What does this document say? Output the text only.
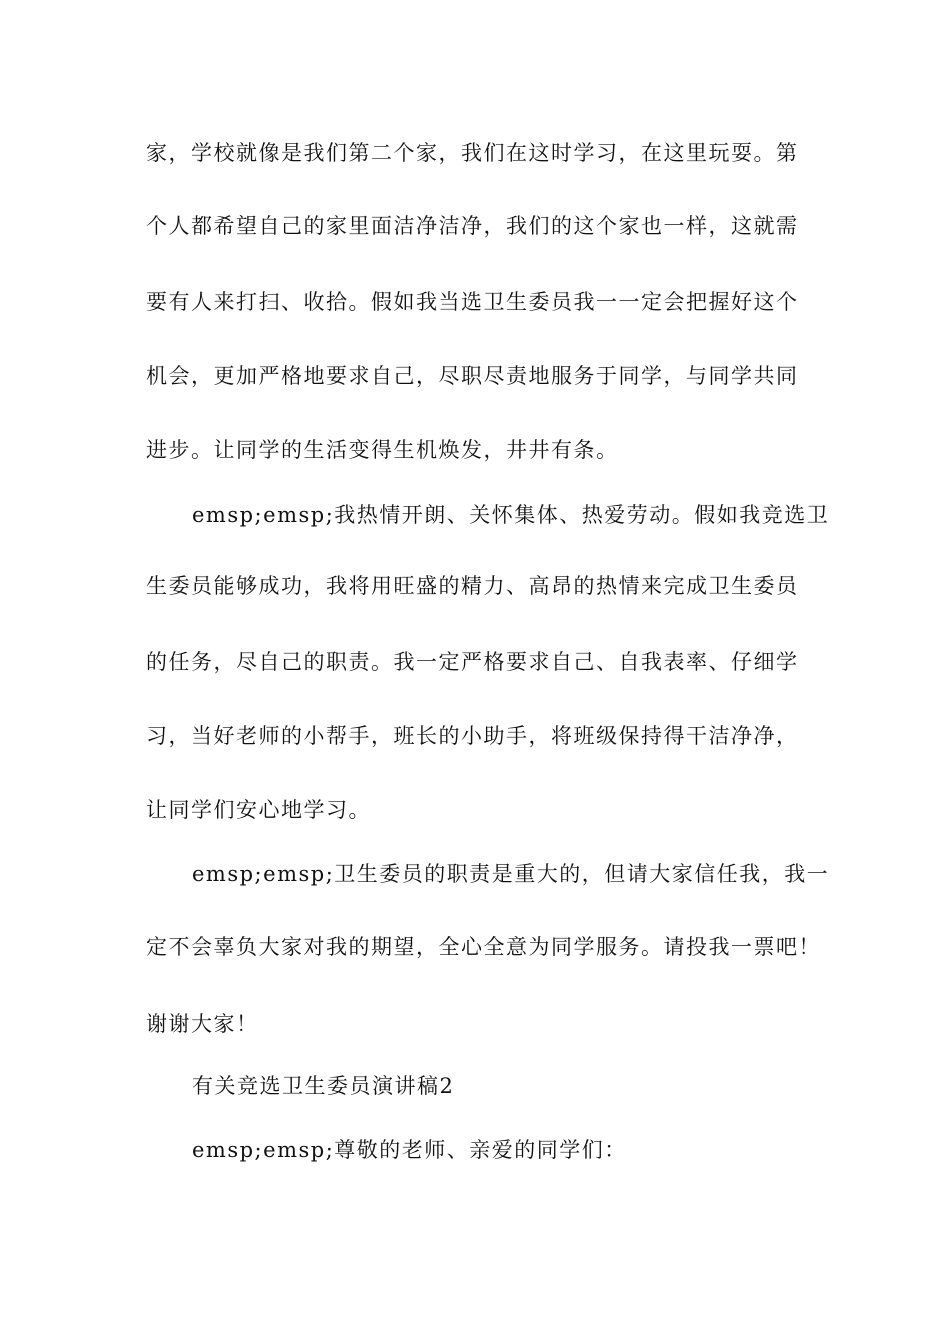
家，学校就像是我们第二个家，我们在这时学习，在这里玩耍。第
个人都希望自己的家里面洁净洁净，我们的这个家也一样，这就需
要有人来打扫、收拾。假如我当选卫生委员我一一定会把握好这个
机会，更加严格地要求自己，尽职尽责地服务于同学，与同学共同
进步。让同学的生活变得生机焕发，井井有条。
emsp;emsp;我热情开朗、关怀集体、热爱劳动。假如我竞选卫
生委员能够成功，我将用旺盛的精力、高昂的热情来完成卫生委员
的任务，尽自己的职责。我一定严格要求自己、自我表率、仔细学
习，当好老师的小帮手，班长的小助手，将班级保持得干洁净净，
让同学们安心地学习。
emsp;emsp;卫生委员的职责是重大的，但请大家信任我，我一
定不会辜负大家对我的期望，全心全意为同学服务。请投我一票吧！
谢谢大家！
有关竞选卫生委员演讲稿2
emsp;emsp;尊敬的老师、亲爱的同学们：
